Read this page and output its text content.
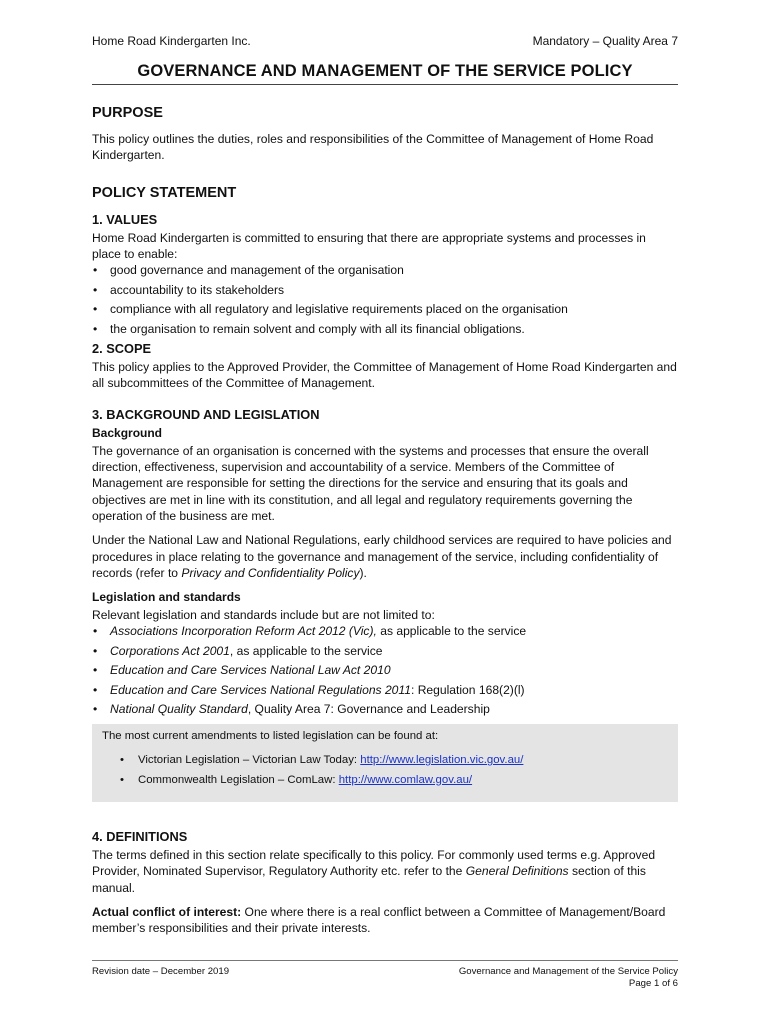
Home Road Kindergarten Inc.	Mandatory – Quality Area 7
GOVERNANCE AND MANAGEMENT OF THE SERVICE POLICY
PURPOSE

This policy outlines the duties, roles and responsibilities of the Committee of Management of Home Road Kindergarten.

POLICY STATEMENT
1. VALUES

Home Road Kindergarten is committed to ensuring that there are appropriate systems and processes in place to enable:

• good governance and management of the organisation
• accountability to its stakeholders
• compliance with all regulatory and legislative requirements placed on the organisation
• the organisation to remain solvent and comply with all its financial obligations.
2. SCOPE

This policy applies to the Approved Provider, the Committee of Management of Home Road Kindergarten and all subcommittees of the Committee of Management.

3. BACKGROUND AND LEGISLATION
Background

The governance of an organisation is concerned with the systems and processes that ensure the overall direction, effectiveness, supervision and accountability of a service. Members of the Committee of Management are responsible for setting the directions for the service and ensuring that its goals and objectives are met in line with its constitution, and all legal and regulatory requirements governing the operation of the business are met.

Under the National Law and National Regulations, early childhood services are required to have policies and procedures in place relating to the governance and management of the service, including confidentiality of records (refer to Privacy and Confidentiality Policy).

Legislation and standards

Relevant legislation and standards include but are not limited to:

• Associations Incorporation Reform Act 2012 (Vic), as applicable to the service
• Corporations Act 2001, as applicable to the service
• Education and Care Services National Law Act 2010
• Education and Care Services National Regulations 2011: Regulation 168(2)(l)
• National Quality Standard, Quality Area 7: Governance and Leadership

The most current amendments to listed legislation can be found at:

• Victorian Legislation – Victorian Law Today: http://www.legislation.vic.gov.au/
• Commonwealth Legislation – ComLaw: http://www.comlaw.gov.au/
4. DEFINITIONS

The terms defined in this section relate specifically to this policy. For commonly used terms e.g. Approved Provider, Nominated Supervisor, Regulatory Authority etc. refer to the General Definitions section of this manual.

Actual conflict of interest: One where there is a real conflict between a Committee of Management/Board member’s responsibilities and their private interests.

Revision date – December 2019	Governance and Management of the Service Policy
Page 1 of 6
